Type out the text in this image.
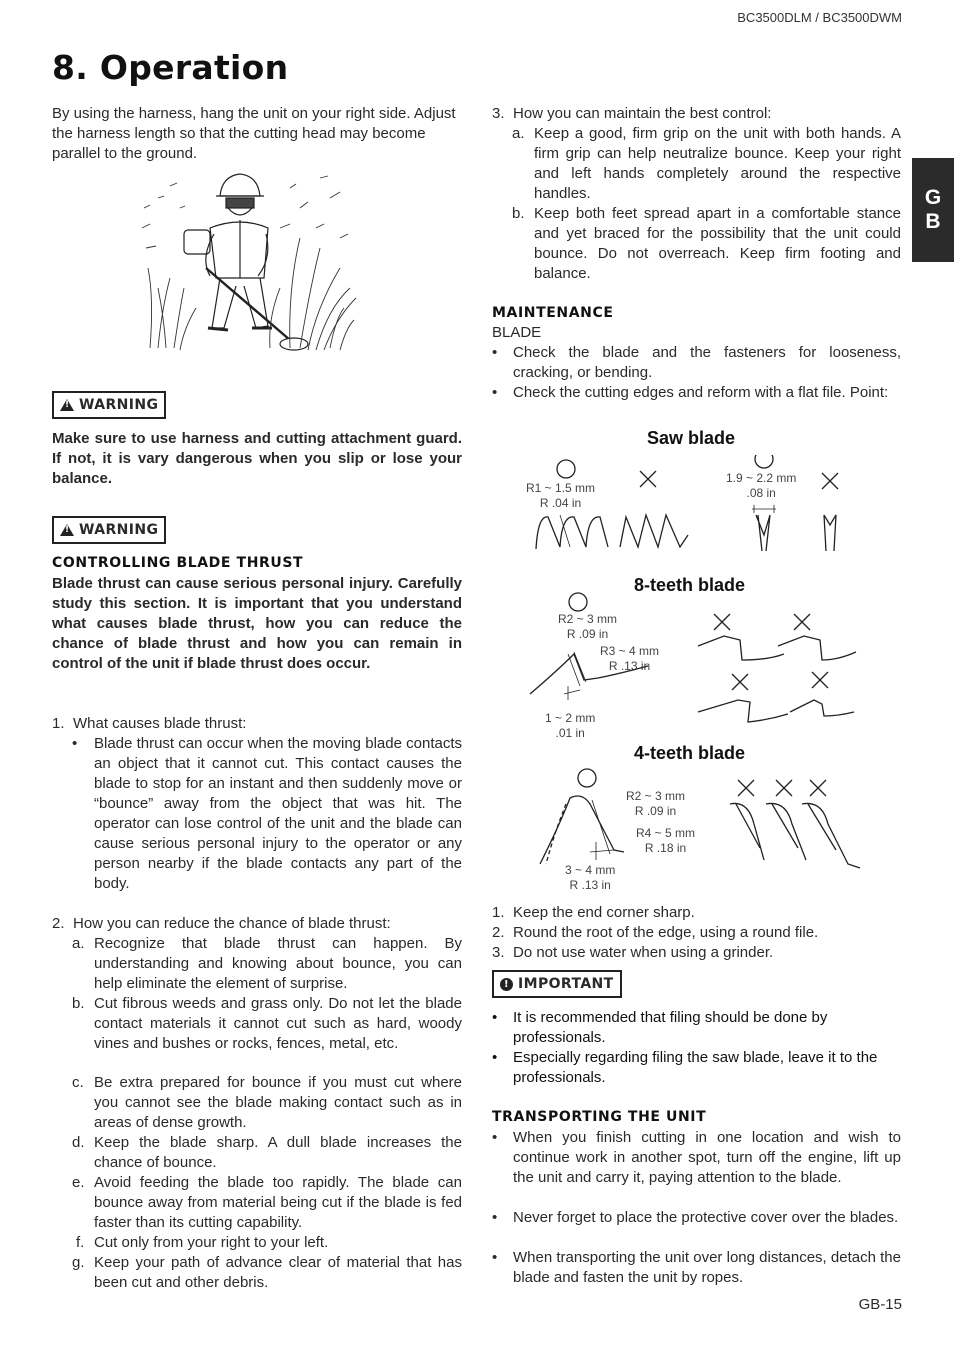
BC3500DLM / BC3500DWM
8. Operation
G
B
By using the harness, hang the unit on your right side. Adjust the harness length so that the cutting head may become parallel to the ground.
!
WARNING
Make sure to use harness and cutting attachment guard. If not, it is vary dangerous when you slip or lose your balance.
!
WARNING
CONTROLLING BLADE THRUST
Blade thrust can cause serious personal injury. Carefully study this section. It is important that you understand what causes blade thrust, how you can reduce the chance of blade thrust and how you can remain in control of the unit if blade thrust does occur.
1. What causes blade thrust:
• Blade thrust can occur when the moving blade contacts an object that it cannot cut. This contact causes the blade to stop for an instant and then suddenly move or “bounce” away from the object that was hit. The operator can lose control of the unit and the blade can cause serious personal injury to the operator or any person nearby if the blade contacts any part of the body.
2. How you can reduce the chance of blade thrust:
a. Recognize that blade thrust can happen. By understanding and knowing about bounce, you can help eliminate the element of surprise.
b. Cut fibrous weeds and grass only. Do not let the blade contact materials it cannot cut such as hard, woody vines and bushes or rocks, fences, metal, etc.
c. Be extra prepared for bounce if you must cut where you cannot see the blade making contact such as in areas of dense growth.
d. Keep the blade sharp. A dull blade increases the chance of bounce.
e. Avoid feeding the blade too rapidly. The blade can bounce away from material being cut if the blade is fed faster than its cutting capability.
f. Cut only from your right to your left.
g. Keep your path of advance clear of material that has been cut and other debris.
3. How you can maintain the best control:
a. Keep a good, firm grip on the unit with both hands. A firm grip can help neutralize bounce. Keep your right and left hands completely around the respective handles.
b. Keep both feet spread apart in a comfortable stance and yet braced for the possibility that the unit could bounce. Do not overreach. Keep firm footing and balance.
MAINTENANCE
BLADE
• Check the blade and the fasteners for looseness, cracking, or bending.
• Check the cutting edges and reform with a flat file. Point:
Saw blade
R1 ~ 1.5 mm
R .04 in
1.9 ~ 2.2 mm
.08 in
8-teeth blade
R2 ~ 3 mm
R .09 in
R3 ~ 4 mm
R .13 in
1 ~ 2 mm
.01 in
4-teeth blade
R2 ~ 3 mm
R .09 in
R4 ~ 5 mm
R .18 in
3 ~ 4 mm
R .13 in
1. Keep the end corner sharp.
2. Round the root of the edge, using a round file.
3. Do not use water when using a grinder.
! IMPORTANT
• It is recommended that filing should be done by professionals.
• Especially regarding filing the saw blade, leave it to the professionals.
TRANSPORTING THE UNIT
• When you finish cutting in one location and wish to continue work in another spot, turn off the engine, lift up the unit and carry it, paying attention to the blade.
• Never forget to place the protective cover over the blades.
• When transporting the unit over long distances, detach the blade and fasten the unit by ropes.
GB-15
